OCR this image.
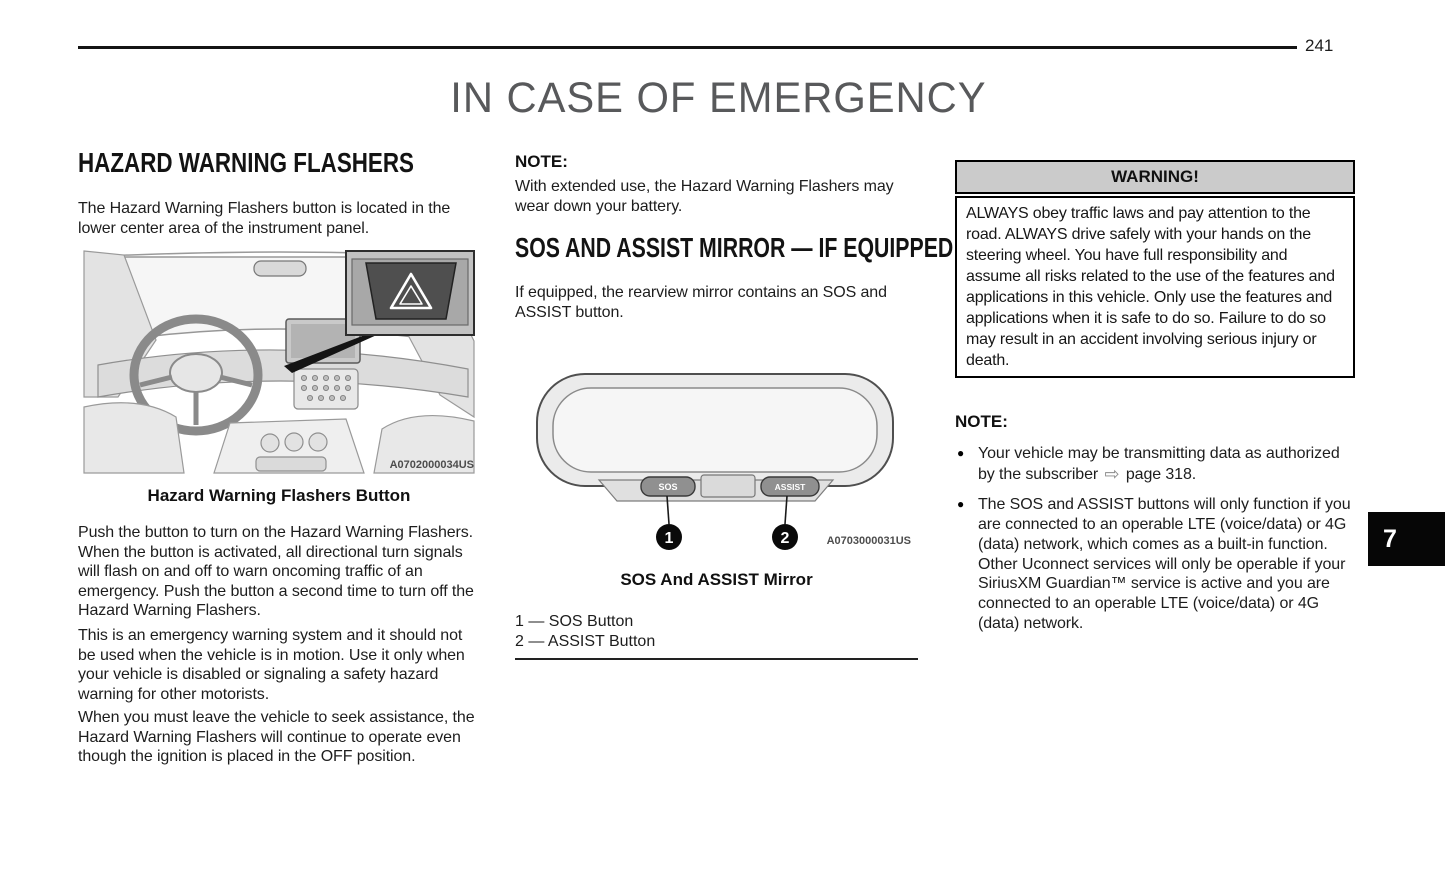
241
IN CASE OF EMERGENCY
HAZARD WARNING FLASHERS

The Hazard Warning Flashers button is located in the lower center area of the instrument panel.

A0702000034US
Hazard Warning Flashers Button

Push the button to turn on the Hazard Warning Flashers. When the button is activated, all directional turn signals will flash on and off to warn oncoming traffic of an emergency. Push the button a second time to turn off the Hazard Warning Flashers.

This is an emergency warning system and it should not be used when the vehicle is in motion. Use it only when your vehicle is disabled or signaling a safety hazard warning for other motorists.

When you must leave the vehicle to seek assistance, the Hazard Warning Flashers will continue to operate even though the ignition is placed in the OFF position.

NOTE:

With extended use, the Hazard Warning Flashers may wear down your battery.

SOS AND ASSIST MIRROR — IF EQUIPPED

If equipped, the rearview mirror contains an SOS and ASSIST button.

SOS	ASSIST
1	2	A0703000031US
SOS And ASSIST Mirror
1 — SOS Button
2 — ASSIST Button
WARNING!
ALWAYS obey traffic laws and pay attention to the road. ALWAYS drive safely with your hands on the steering wheel. You have full responsibility and assume all risks related to the use of the features and applications in this vehicle. Only use the features and applications when it is safe to do so. Failure to do so may result in an accident involving serious injury or death.
NOTE:
● Your vehicle may be transmitting data as authorized by the subscriber ⇨ page 318.
● The SOS and ASSIST buttons will only function if you are connected to an operable LTE (voice/data) or 4G (data) network, which comes as a built-in function. Other Uconnect services will only be operable if your SiriusXM Guardian™ service is active and you are connected to an operable LTE (voice/data) or 4G (data) network.
7
